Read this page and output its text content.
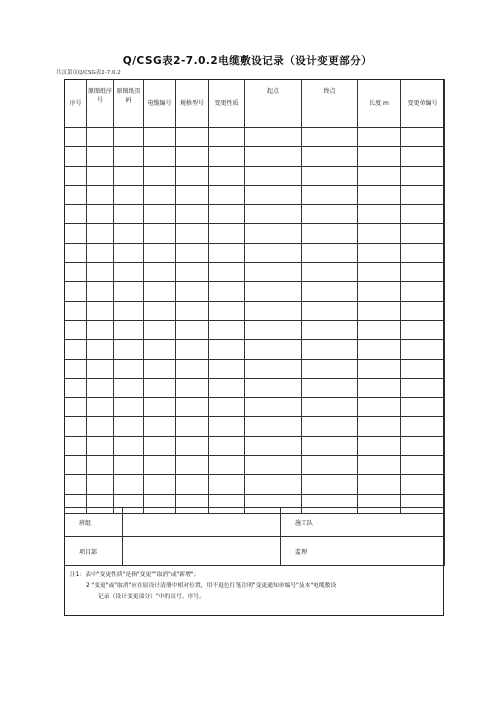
Q/CSG表2-7.0.2电缆敷设记录（设计变更部分）
共页第页Q/CSG表2-7.0.2
序号	原图纸序号	原图纸页码	电缆编号	规格型号	变更性质	起点	终点	长度 m	变更单编号

班组		施工队
项目部		监理
注1：表中"变更性质"是指"变更""取消"或"新增"；
2 "变更"或"取消"应在原设计清册中相对位置，用不退色红笔注明"变更通知单编号"及本"电缆敷设
记录（设计变更部分）"中的页号、序号。
